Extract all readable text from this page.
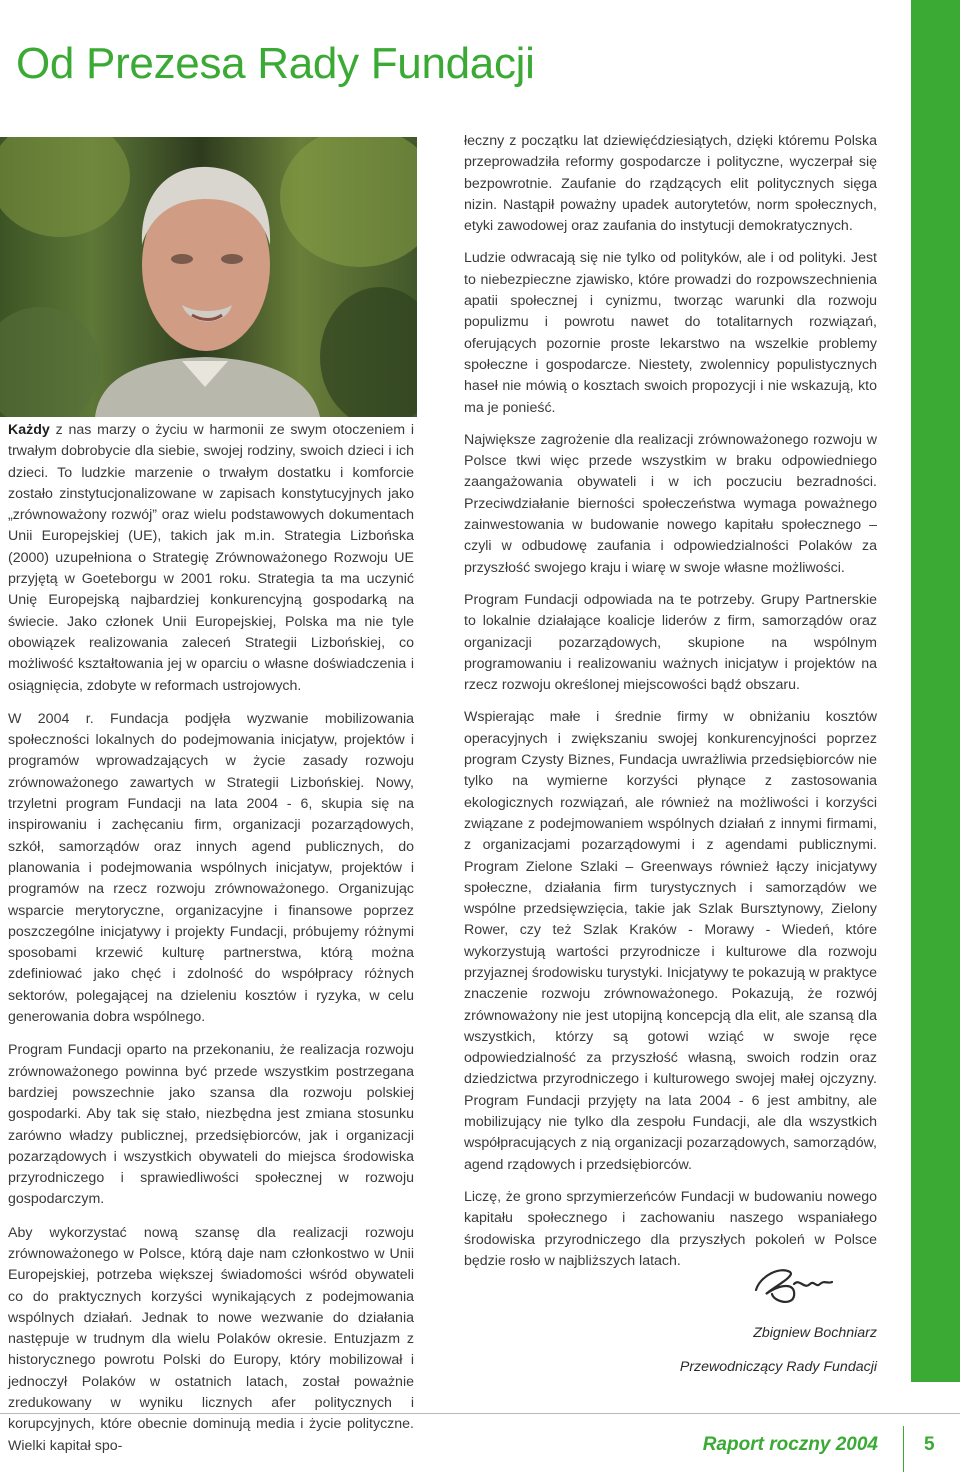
Od Prezesa Rady Fundacji

Każdy z nas marzy o życiu w harmonii ze swym otoczeniem i trwałym dobrobycie dla siebie, swojej rodziny, swoich dzieci i ich dzieci. To ludzkie marzenie o trwałym dostatku i komforcie zostało zinstytucjonalizowane w zapisach konstytucyjnych jako „zrównoważony rozwój” oraz wielu podstawowych dokumentach Unii Europejskiej (UE), takich jak m.in. Strategia Lizbońska (2000) uzupełniona o Strategię Zrównoważonego Rozwoju UE przyjętą w Goeteborgu w 2001 roku. Strategia ta ma uczynić Unię Europejską najbardziej konkurencyjną gospodarką na świecie. Jako członek Unii Europejskiej, Polska ma nie tyle obowiązek realizowania zaleceń Strategii Lizbońskiej, co możliwość kształtowania jej w oparciu o własne doświadczenia i osiągnięcia, zdobyte w reformach ustrojowych.

W 2004 r. Fundacja podjęła wyzwanie mobilizowania społeczności lokalnych do podejmowania inicjatyw, projektów i programów wprowadzających w życie zasady rozwoju zrównoważonego zawartych w Strategii Lizbońskiej. Nowy, trzyletni program Fundacji na lata 2004 - 6, skupia się na inspirowaniu i zachęcaniu firm, organizacji pozarządowych, szkół, samorządów oraz innych agend publicznych, do planowania i podejmowania wspólnych inicjatyw, projektów i programów na rzecz rozwoju zrównoważonego. Organizując wsparcie merytoryczne, organizacyjne i finansowe poprzez poszczególne inicjatywy i projekty Fundacji, próbujemy różnymi sposobami krzewić kulturę partnerstwa, którą można zdefiniować jako chęć i zdolność do współpracy różnych sektorów, polegającej na dzieleniu kosztów i ryzyka, w celu generowania dobra wspólnego.

Program Fundacji oparto na przekonaniu, że realizacja rozwoju zrównoważonego powinna być przede wszystkim postrzegana bardziej powszechnie jako szansa dla rozwoju polskiej gospodarki. Aby tak się stało, niezbędna jest zmiana stosunku zarówno władzy publicznej, przedsiębiorców, jak i organizacji pozarządowych i wszystkich obywateli do miejsca środowiska przyrodniczego i sprawiedliwości społecznej w rozwoju gospodarczym.

Aby wykorzystać nową szansę dla realizacji rozwoju zrównoważonego w Polsce, którą daje nam członkostwo w Unii Europejskiej, potrzeba większej świadomości wśród obywateli co do praktycznych korzyści wynikających z podejmowania wspólnych działań. Jednak to nowe wezwanie do działania następuje w trudnym dla wielu Polaków okresie. Entuzjazm z historycznego powrotu Polski do Europy, który mobilizował i jednoczył Polaków w ostatnich latach, został poważnie zredukowany w wyniku licznych afer politycznych i korupcyjnych, które obecnie dominują media i życie polityczne. Wielki kapitał spo-

łeczny z początku lat dziewięćdziesiątych, dzięki któremu Polska przeprowadziła reformy gospodarcze i polityczne, wyczerpał się bezpowrotnie. Zaufanie do rządzących elit politycznych sięga nizin. Nastąpił poważny upadek autorytetów, norm społecznych, etyki zawodowej oraz zaufania do instytucji demokratycznych.

Ludzie odwracają się nie tylko od polityków, ale i od polityki. Jest to niebezpieczne zjawisko, które prowadzi do rozpowszechnienia apatii społecznej i cynizmu, tworząc warunki dla rozwoju populizmu i powrotu nawet do totalitarnych rozwiązań, oferujących pozornie proste lekarstwo na wszelkie problemy społeczne i gospodarcze. Niestety, zwolennicy populistycznych haseł nie mówią o kosztach swoich propozycji i nie wskazują, kto ma je ponieść.

Największe zagrożenie dla realizacji zrównoważonego rozwoju w Polsce tkwi więc przede wszystkim w braku odpowiedniego zaangażowania obywateli i w ich poczuciu bezradności. Przeciwdziałanie bierności społeczeństwa wymaga poważnego zainwestowania w budowanie nowego kapitału społecznego – czyli w odbudowę zaufania i odpowiedzialności Polaków za przyszłość swojego kraju i wiarę w swoje własne możliwości.

Program Fundacji odpowiada na te potrzeby. Grupy Partnerskie to lokalnie działające koalicje liderów z firm, samorządów oraz organizacji pozarządowych, skupione na wspólnym programowaniu i realizowaniu ważnych inicjatyw i projektów na rzecz rozwoju określonej miejscowości bądź obszaru.

Wspierając małe i średnie firmy w obniżaniu kosztów operacyjnych i zwiększaniu swojej konkurencyjności poprzez program Czysty Biznes, Fundacja uwrażliwia przedsiębiorców nie tylko na wymierne korzyści płynące z zastosowania ekologicznych rozwiązań, ale również na możliwości i korzyści związane z podejmowaniem wspólnych działań z innymi firmami, z organizacjami pozarządowymi i z agendami publicznymi. Program Zielone Szlaki – Greenways również łączy inicjatywy społeczne, działania firm turystycznych i samorządów we wspólne przedsięwzięcia, takie jak Szlak Bursztynowy, Zielony Rower, czy też Szlak Kraków - Morawy - Wiedeń, które wykorzystują wartości przyrodnicze i kulturowe dla rozwoju przyjaznej środowisku turystyki. Inicjatywy te pokazują w praktyce znaczenie rozwoju zrównoważonego. Pokazują, że rozwój zrównoważony nie jest utopijną koncepcją dla elit, ale szansą dla wszystkich, którzy są gotowi wziąć w swoje ręce odpowiedzialność za przyszłość własną, swoich rodzin oraz dziedzictwa przyrodniczego i kulturowego swojej małej ojczyzny. Program Fundacji przyjęty na lata 2004 - 6 jest ambitny, ale mobilizujący nie tylko dla zespołu Fundacji, ale dla wszystkich współpracujących z nią organizacji pozarządowych, samorządów, agend rządowych i przedsiębiorców.

Liczę, że grono sprzymierzeńców Fundacji w budowaniu nowego kapitału społecznego i zachowaniu naszego wspaniałego środowiska przyrodniczego dla przyszłych pokoleń w Polsce będzie rosło w najbliższych latach.

Zbigniew Bochniarz
Przewodniczący Rady Fundacji
Raport roczny 2004 5
